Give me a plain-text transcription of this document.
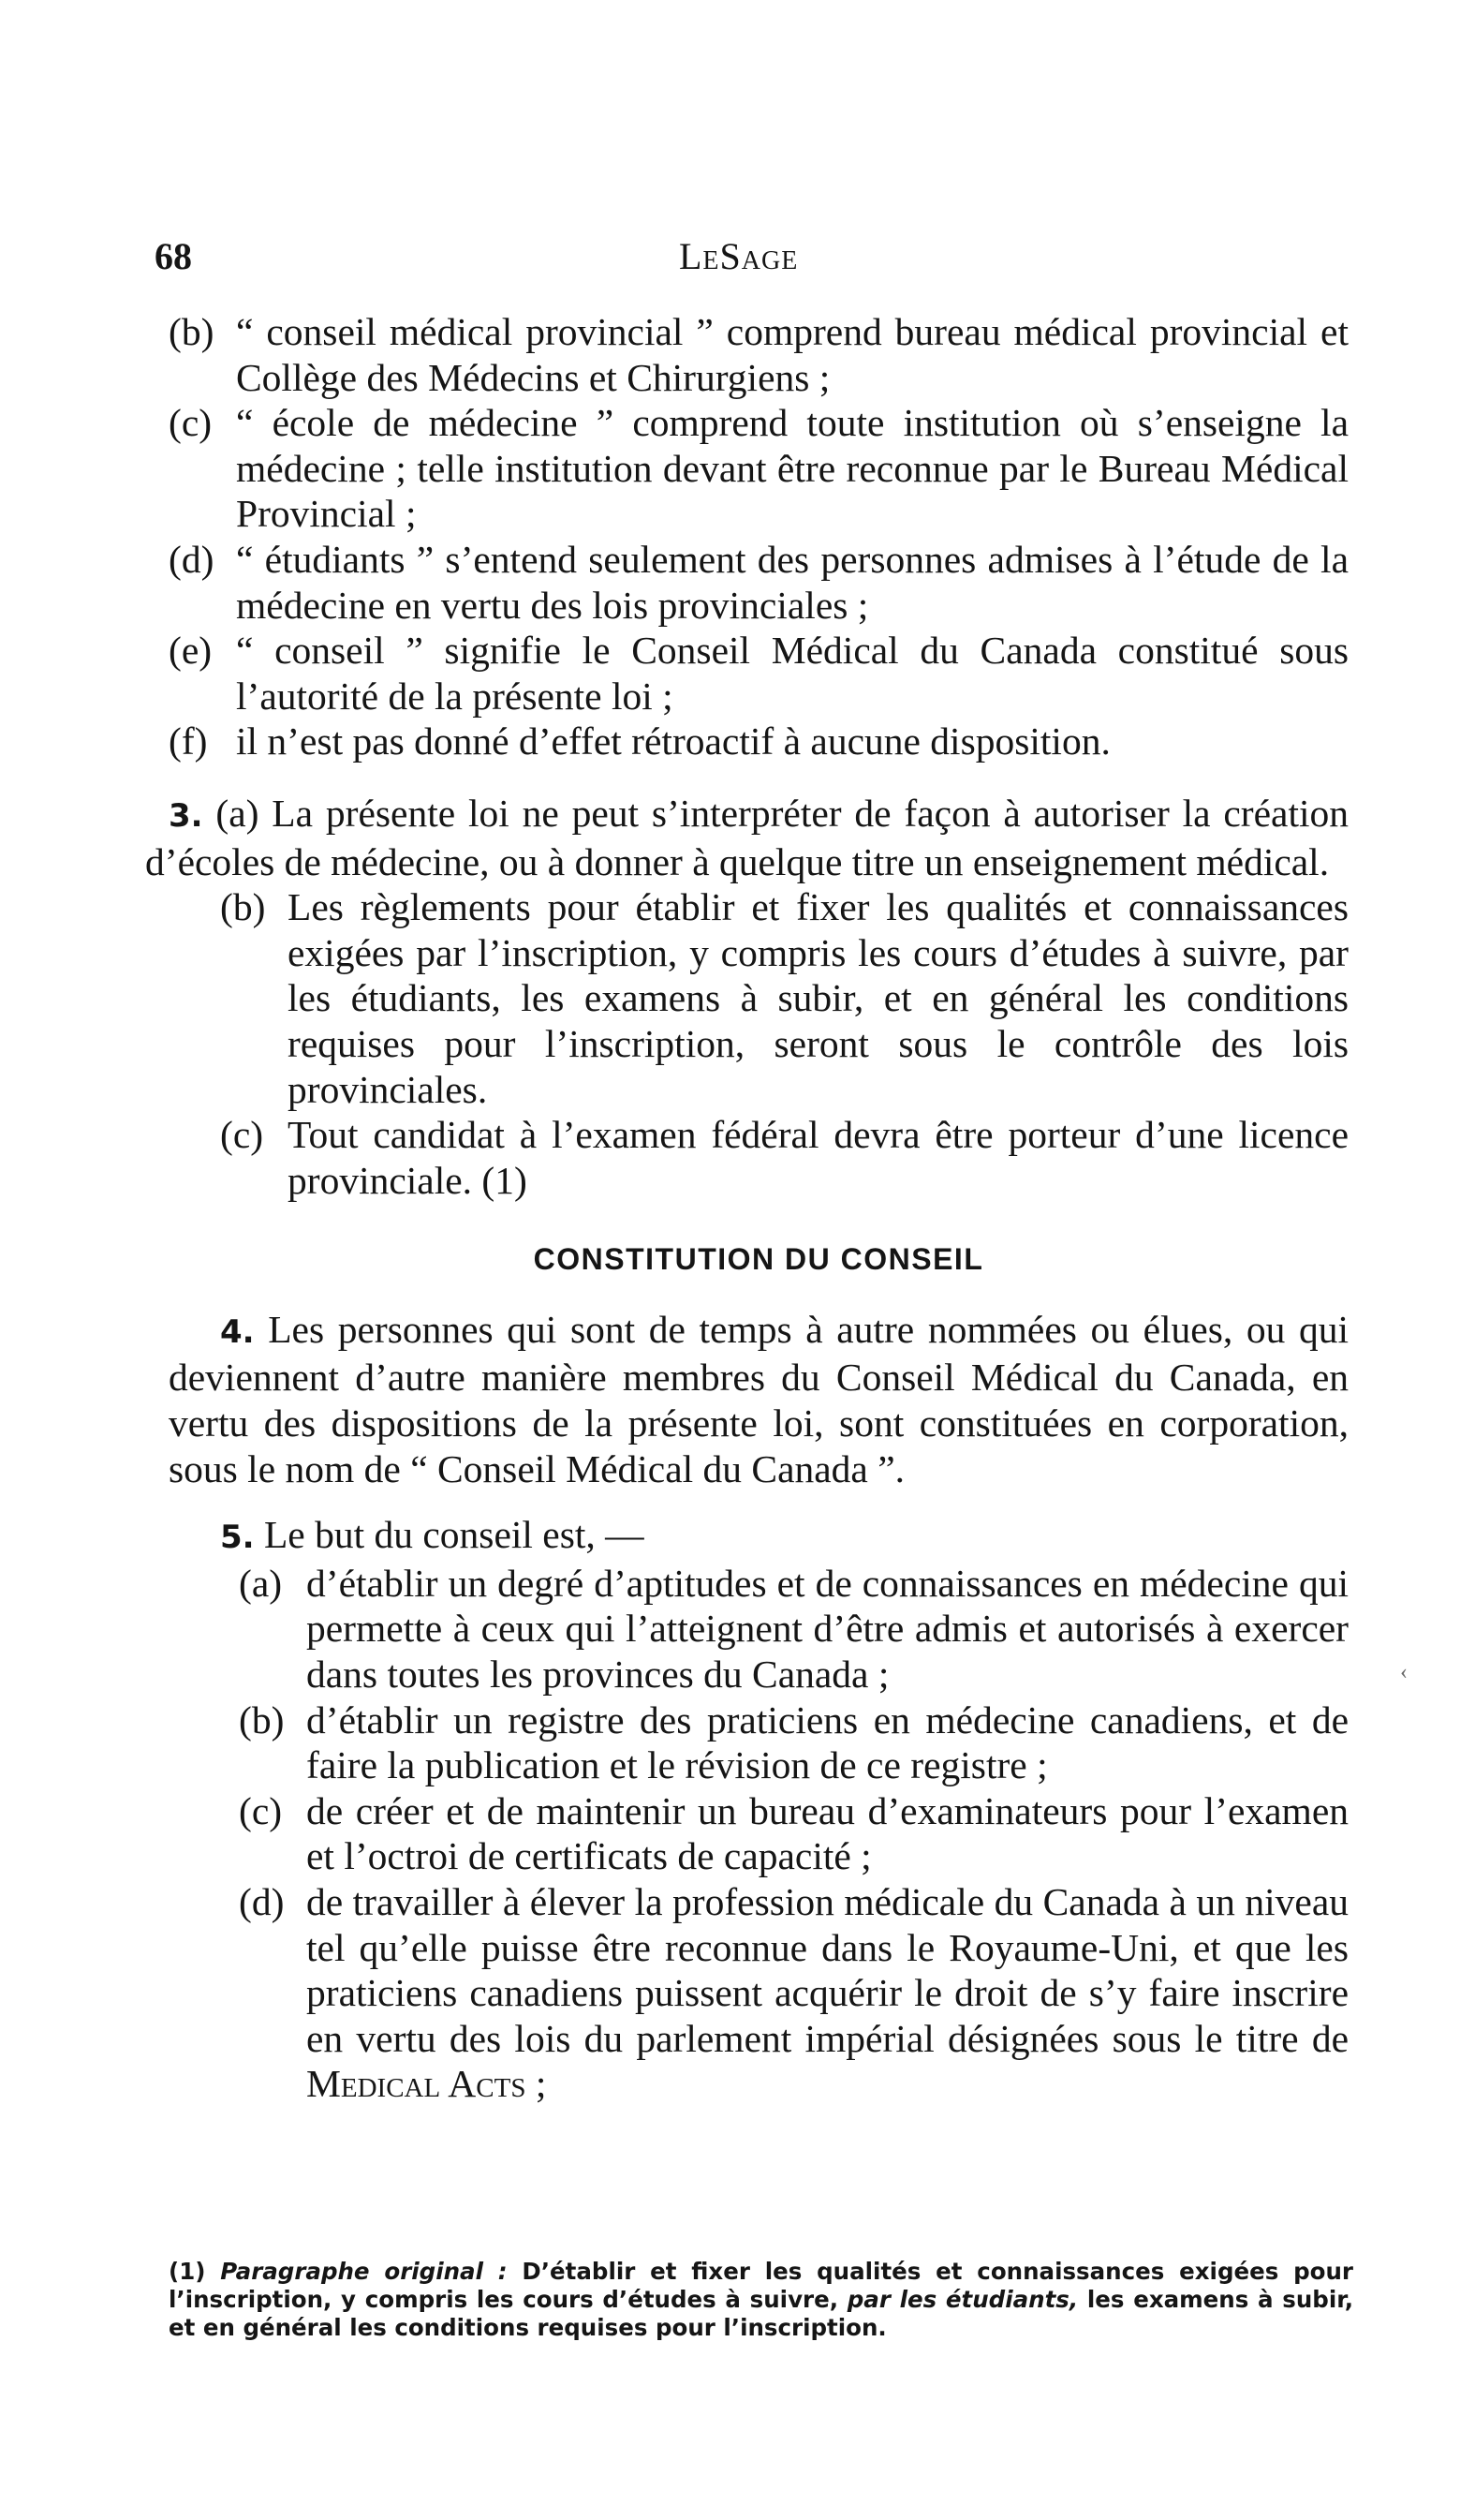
68	LeSage
(b) “ conseil médical provincial ” comprend bureau médical provincial et Collège des Médecins et Chirurgiens ;
(c) “ école de médecine ” comprend toute institution où s’enseigne la médecine ; telle institution devant être reconnue par le Bureau Médical Provincial ;
(d) “ étudiants ” s’entend seulement des personnes admises à l’étude de la médecine en vertu des lois provinciales ;
(e) “ conseil ” signifie le Conseil Médical du Canada constitué sous l’autorité de la présente loi ;
(f) il n’est pas donné d’effet rétroactif à aucune disposition.

3. (a) La présente loi ne peut s’interpréter de façon à autoriser la création d’écoles de médecine, ou à donner à quelque titre un enseignement médical.

(b) Les règlements pour établir et fixer les qualités et connaissances exigées par l’inscription, y compris les cours d’études à suivre, par les étudiants, les examens à subir, et en général les conditions requises pour l’inscription, seront sous le contrôle des lois provinciales.
(c) Tout candidat à l’examen fédéral devra être porteur d’une licence provinciale. (1)
CONSTITUTION DU CONSEIL

4. Les personnes qui sont de temps à autre nommées ou élues, ou qui deviennent d’autre manière membres du Conseil Médical du Canada, en vertu des dispositions de la présente loi, sont constituées en corporation, sous le nom de “ Conseil Médical du Canada ”.

5. Le but du conseil est, —

(a) d’établir un degré d’aptitudes et de connaissances en médecine qui permette à ceux qui l’atteignent d’être admis et autorisés à exercer dans toutes les provinces du Canada ;
(b) d’établir un registre des praticiens en médecine canadiens, et de faire la publication et le révision de ce registre ;
(c) de créer et de maintenir un bureau d’examinateurs pour l’examen et l’octroi de certificats de capacité ;
(d) de travailler à élever la profession médicale du Canada à un niveau tel qu’elle puisse être reconnue dans le Royaume-Uni, et que les praticiens canadiens puissent acquérir le droit de s’y faire inscrire en vertu des lois du parlement impérial désignées sous le titre de Medical Acts ;
‹
(1) Paragraphe original : D’établir et fixer les qualités et connaissances exigées pour l’inscription, y compris les cours d’études à suivre, par les étudiants, les examens à subir, et en général les conditions requises pour l’inscription.
